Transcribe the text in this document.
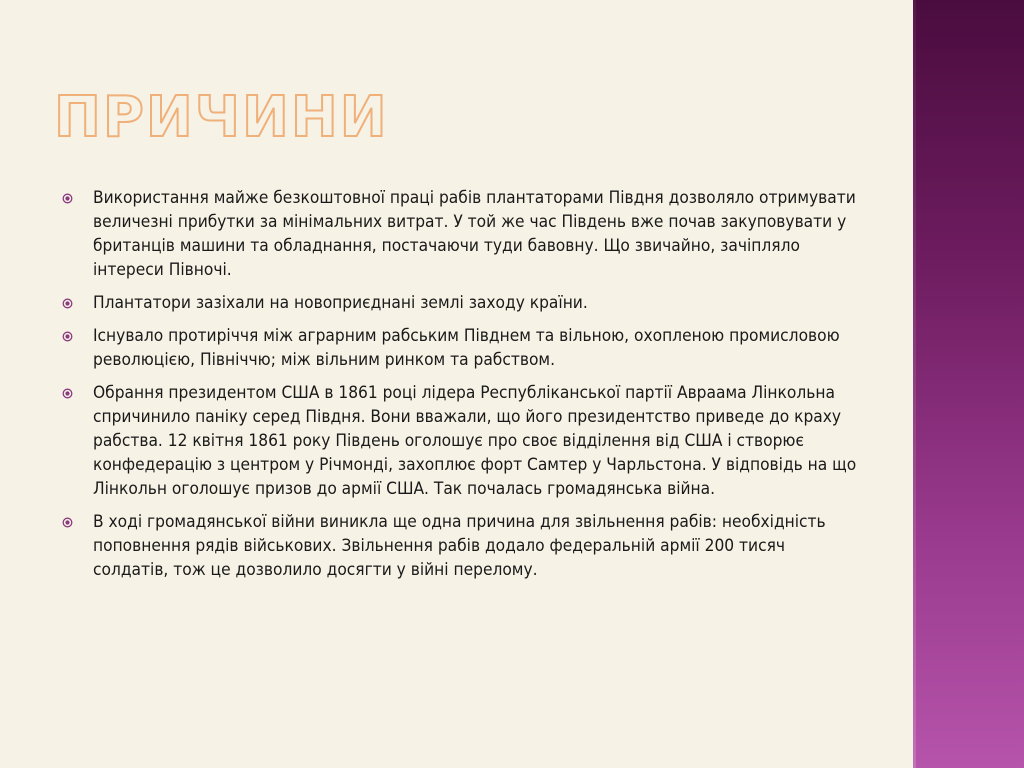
ПРИЧИНИ
Використання майже безкоштовної праці рабів плантаторами Півдня дозволяло отримувати величезні прибутки за мінімальних витрат. У той же час Південь вже почав закуповувати у британців машини та обладнання, постачаючи туди бавовну. Що звичайно, зачіпляло інтереси Півночі.
Плантатори зазіхали на новоприєднані землі заходу країни.
Існувало протиріччя між аграрним рабським Півднем та вільною, охопленою промисловою революцією, Північчю; між вільним ринком та рабством.
Обрання президентом США в 1861 році лідера Республіканської партії Авраама Лінкольна спричинило паніку серед Півдня. Вони вважали, що його президентство приведе до краху рабства. 12 квітня 1861 року Південь оголошує про своє відділення від США і створює конфедерацію з центром у Річмонді, захоплює форт Самтер у Чарльстона. У відповідь на що Лінкольн оголошує призов до армії США. Так почалась громадянська війна.
В ході громадянської війни виникла ще одна причина для звільнення рабів: необхідність поповнення рядів військових. Звільнення рабів додало федеральній армії 200 тисяч солдатів, тож це дозволило досягти у війні перелому.
